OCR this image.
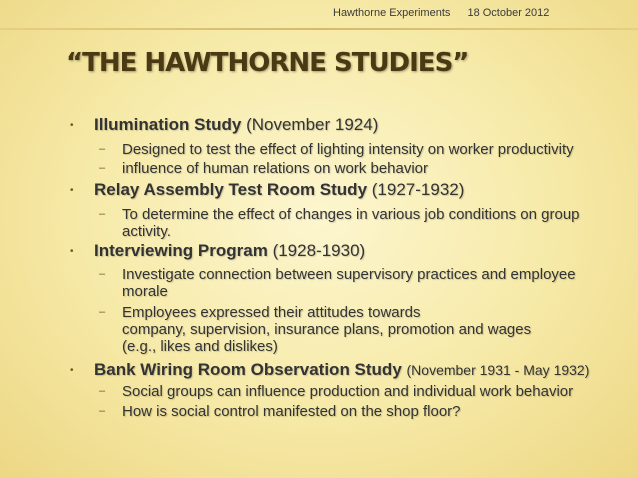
Hawthorne Experiments 18 October 2012
“THE HAWTHORNE STUDIES”
• Illumination Study (November 1924)
– Designed to test the effect of lighting intensity on worker productivity
– influence of human relations on work behavior
• Relay Assembly Test Room Study (1927-1932)
– To determine the effect of changes in various job conditions on group
activity.
• Interviewing Program (1928-1930)
– Investigate connection between supervisory practices and employee
morale
– Employees expressed their attitudes towards
company, supervision, insurance plans, promotion and wages
(e.g., likes and dislikes)
• Bank Wiring Room Observation Study (November 1931 - May 1932)
– Social groups can influence production and individual work behavior
– How is social control manifested on the shop floor?
